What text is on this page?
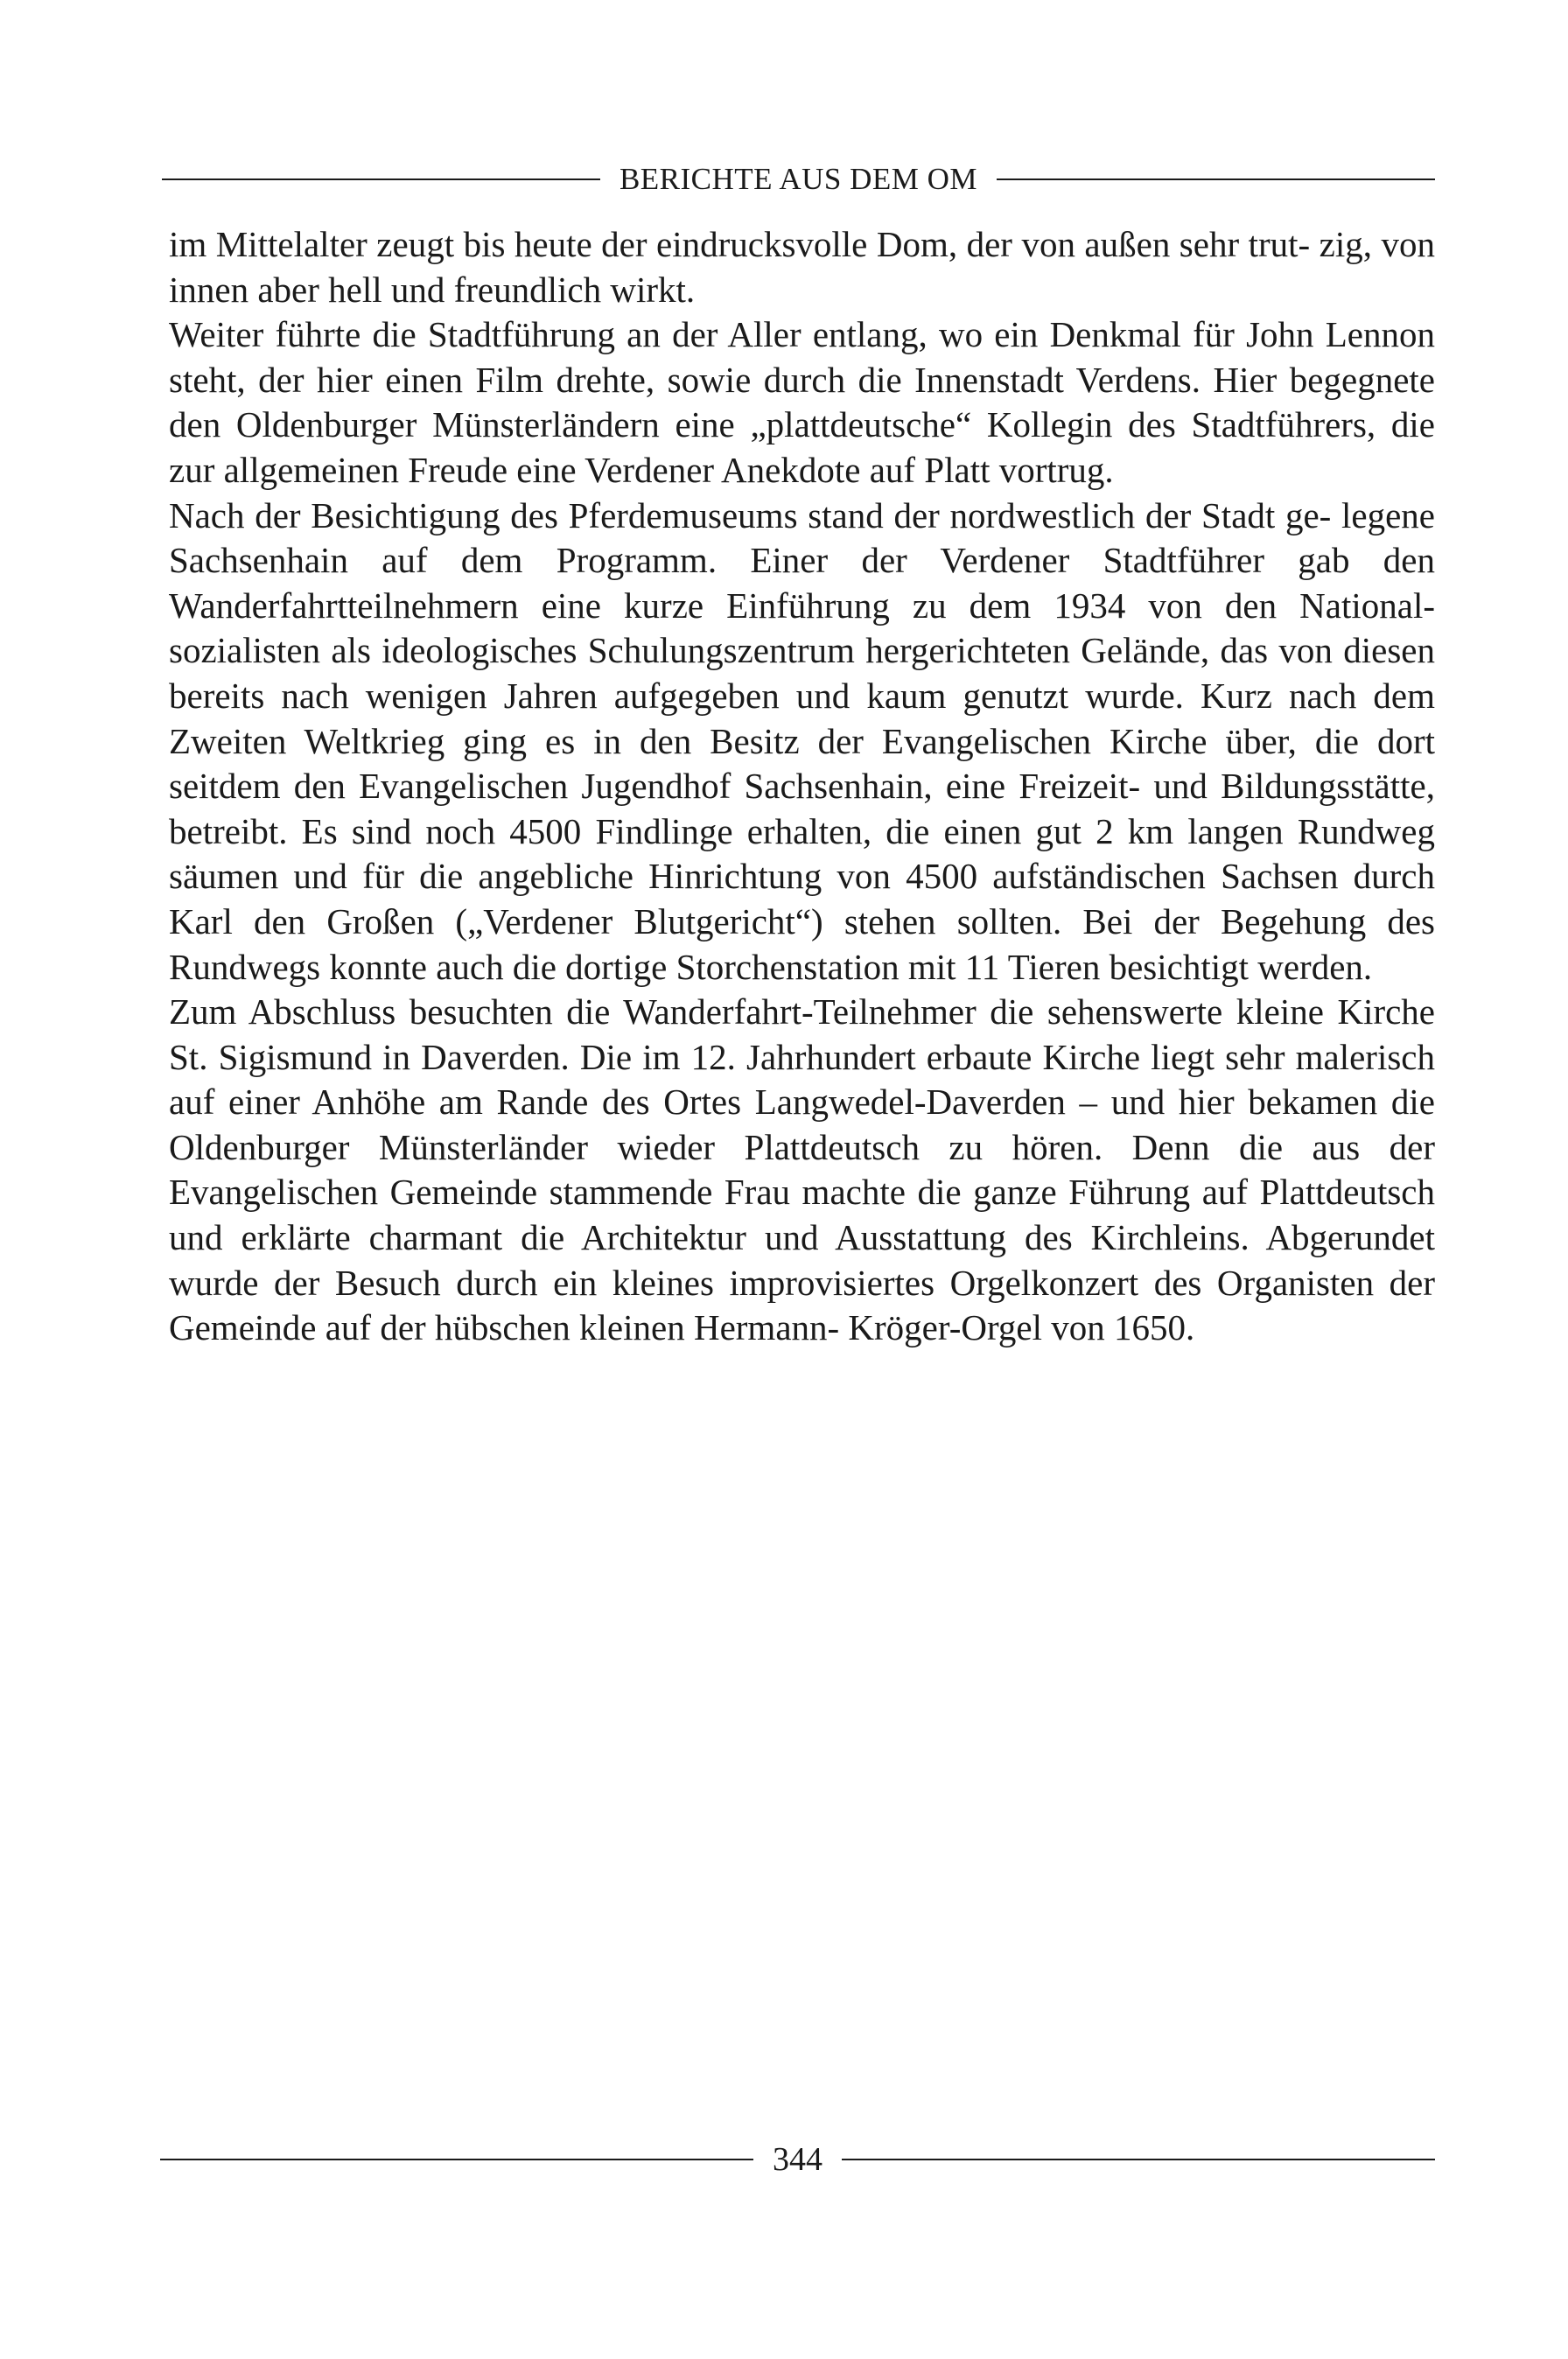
BERICHTE AUS DEM OM

im Mittelalter zeugt bis heute der eindrucksvolle Dom, der von außen sehr trut- zig, von innen aber hell und freundlich wirkt.

Weiter führte die Stadtführung an der Aller entlang, wo ein Denkmal für John Lennon steht, der hier einen Film drehte, sowie durch die Innenstadt Verdens. Hier begegnete den Oldenburger Münsterländern eine „plattdeutsche“ Kollegin des Stadtführers, die zur allgemeinen Freude eine Verdener Anekdote auf Platt vortrug.

Nach der Besichtigung des Pferdemuseums stand der nordwestlich der Stadt ge- legene Sachsenhain auf dem Programm. Einer der Verdener Stadtführer gab den Wanderfahrtteilnehmern eine kurze Einführung zu dem 1934 von den National- sozialisten als ideologisches Schulungszentrum hergerichteten Gelände, das von diesen bereits nach wenigen Jahren aufgegeben und kaum genutzt wurde. Kurz nach dem Zweiten Weltkrieg ging es in den Besitz der Evangelischen Kirche über, die dort seitdem den Evangelischen Jugendhof Sachsenhain, eine Freizeit- und Bildungsstätte, betreibt. Es sind noch 4500 Findlinge erhalten, die einen gut 2 km langen Rundweg säumen und für die angebliche Hinrichtung von 4500 aufständischen Sachsen durch Karl den Großen („Verdener Blutgericht“) stehen sollten. Bei der Begehung des Rundwegs konnte auch die dortige Storchenstation mit 11 Tieren besichtigt werden.

Zum Abschluss besuchten die Wanderfahrt-Teilnehmer die sehenswerte kleine Kirche St. Sigismund in Daverden. Die im 12. Jahrhundert erbaute Kirche liegt sehr malerisch auf einer Anhöhe am Rande des Ortes Langwedel-Daverden – und hier bekamen die Oldenburger Münsterländer wieder Plattdeutsch zu hören. Denn die aus der Evangelischen Gemeinde stammende Frau machte die ganze Führung auf Plattdeutsch und erklärte charmant die Architektur und Ausstattung des Kirchleins. Abgerundet wurde der Besuch durch ein kleines improvisiertes Orgelkonzert des Organisten der Gemeinde auf der hübschen kleinen Hermann- Kröger-Orgel von 1650.

344
